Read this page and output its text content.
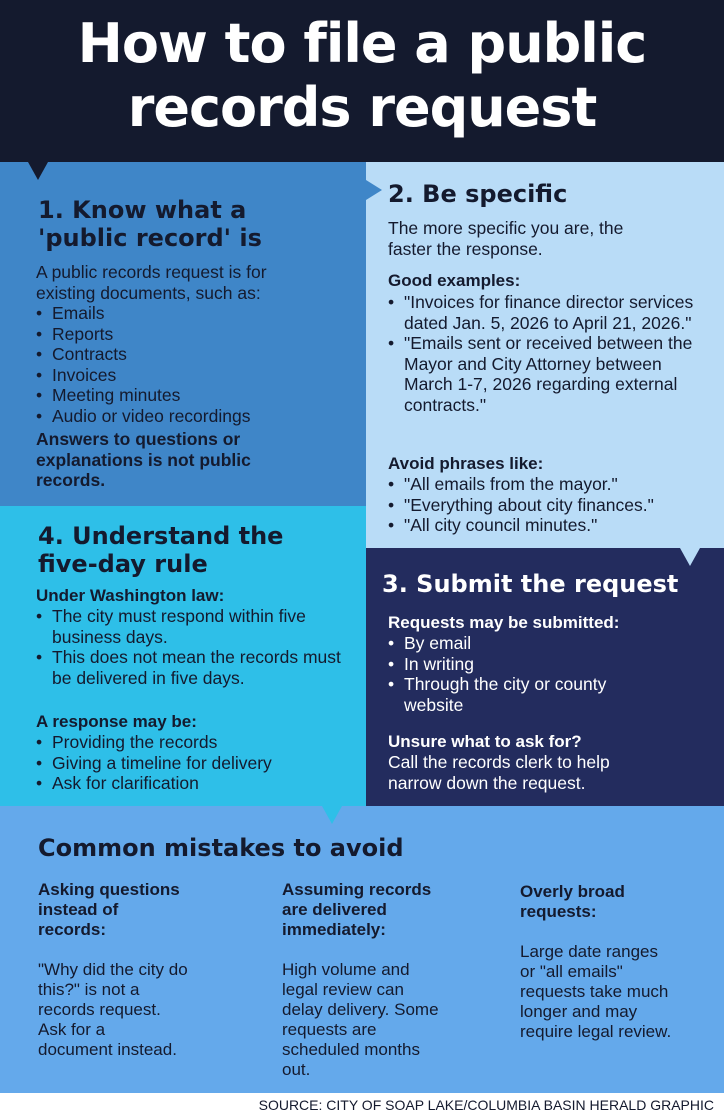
How to file a public
records request
1. Know what a
'public record' is
A public records request is for
existing documents, such as:
• Emails
• Reports
• Contracts
• Invoices
• Meeting minutes
• Audio or video recordings
Answers to questions or
explanations is not public
records.
2. Be specific
The more specific you are, the
faster the response.
Good examples:
• "Invoices for finance director services dated Jan. 5, 2026 to April 21, 2026."
• "Emails sent or received between the Mayor and City Attorney between March 1-7, 2026 regarding external contracts."
Avoid phrases like:
• "All emails from the mayor."
• "Everything about city finances."
• "All city council minutes."
4. Understand the
five-day rule
Under Washington law:
• The city must respond within five business days.
• This does not mean the records must be delivered in five days.
A response may be:
• Providing the records
• Giving a timeline for delivery
• Ask for clarification
3. Submit the request
Requests may be submitted:
• By email
• In writing
• Through the city or county website
Unsure what to ask for?
Call the records clerk to help
narrow down the request.
Common mistakes to avoid
Asking questions
instead of
records:
"Why did the city do
this?" is not a
records request.
Ask for a
document instead.
Assuming records
are delivered
immediately:
High volume and
legal review can
delay delivery. Some
requests are
scheduled months
out.
Overly broad
requests:
Large date ranges
or "all emails"
requests take much
longer and may
require legal review.
SOURCE: CITY OF SOAP LAKE/COLUMBIA BASIN HERALD GRAPHIC
